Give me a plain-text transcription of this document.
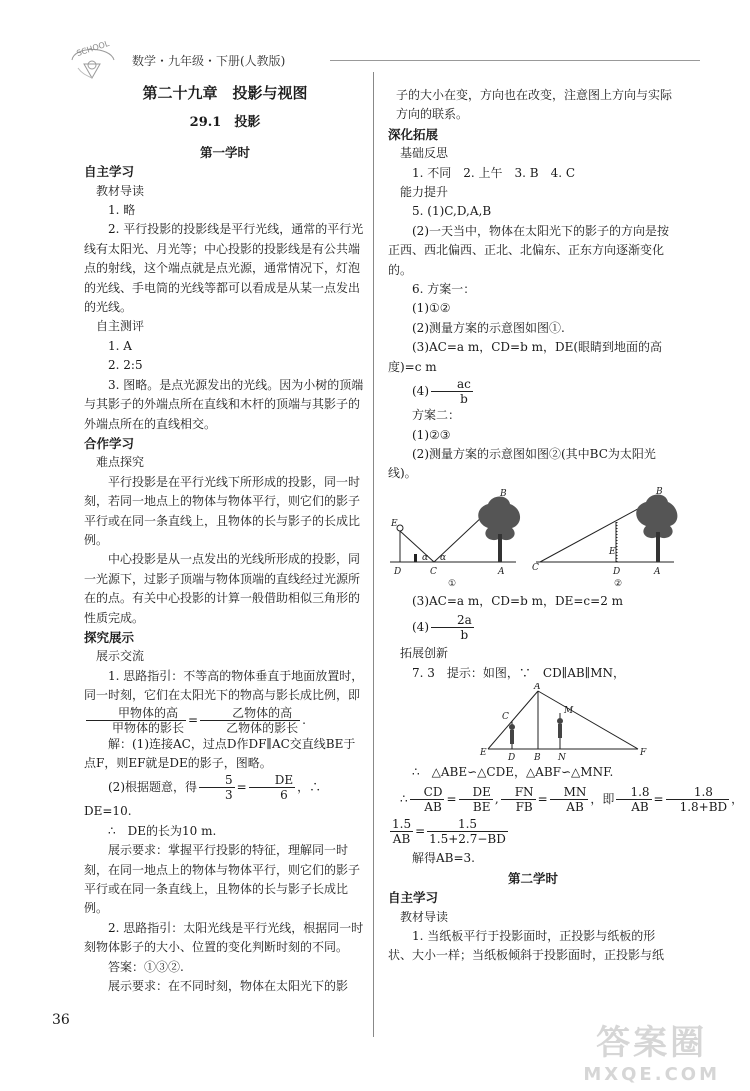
SCHOOL
数学・九年级・下册(人教版)

第二十九章　投影与视图

29.1　投影

第一学时

自主学习

教材导读

1. 略

2. 平行投影的投影线是平行光线，通常的平行光线有太阳光、月光等；中心投影的投影线是有公共端点的射线，这个端点就是点光源，通常情况下，灯泡的光线、手电筒的光线等都可以看成是从某一点发出的光线。

自主测评

1. A

2. 2:5

3. 图略。是点光源发出的光线。因为小树的顶端与其影子的外端点所在直线和木杆的顶端与其影子的外端点所在的直线相交。

合作学习

难点探究

平行投影是在平行光线下所形成的投影，同一时刻，若同一地点上的物体与物体平行，则它们的影子平行或在同一条直线上，且物体的长与影子的长成比例。

中心投影是从一点发出的光线所形成的投影，同一光源下，过影子顶端与物体顶端的直线经过光源所在的点。有关中心投影的计算一般借助相似三角形的性质完成。

探究展示

展示交流

1. 思路指引：不等高的物体垂直于地面放置时，同一时刻，它们在太阳光下的物高与影长成比例，即
$\frac{\text{甲物体的高}}{\text{甲物体的影长}} = \frac{\text{乙物体的高}}{\text{乙物体的影长}}$ .

解：(1)连接AC，过点D作DF∥AC交直线BE于点F，则EF就是DE的影子，图略。

(2)根据题意，得 $\frac{5}{3} = \frac{DE}{6}$ ，∴　DE=10.

∴　DE的长为10 m.

展示要求：掌握平行投影的特征，理解同一时刻，在同一地点上的物体与物体平行，则它们的影子平行或在同一条直线上，且物体的长与影子长成比例。

2. 思路指引：太阳光线是平行光线，根据同一时刻物体影子的大小、位置的变化判断时刻的不同。

答案：①③②.

展示要求：在不同时刻，物体在太阳光下的影

子的大小在变，方向也在改变，注意图上方向与实际方向的联系。

深化拓展

基础反思

1. 不同　2. 上午　3. B　4. C

能力提升

5. (1)C,D,A,B

(2)一天当中，物体在太阳光下的影子的方向是按正西、西北偏西、正北、北偏东、正东方向逐渐变化的。

6. 方案一：

(1)①②

(2)测量方案的示意图如图①.

(3)AC=a m，CD=b m，DE(眼睛到地面的高度)=c m

$(4) \frac{ac}{b}$

方案二：

(1)②③

(2)测量方案的示意图如图②(其中BC为太阳光线)。

E
D	C
α α
A
B
①
B
C	D	A
E
②

(3)AC=a m，CD=b m，DE=c=2 m

$(4) \frac{2a}{b}$

拓展创新

7. 3　提示：如图，∵　CD∥AB∥MN，

A
C
M
E D B N	F

∴　△ABE∽△CDE，△ABF∽△MNF.

∴ $\frac{CD}{AB} = \frac{DE}{BE}$ , $\frac{FN}{FB} = \frac{MN}{AB}$ ，即 $\frac{1.8}{AB} = \frac{1.8}{1.8+BD}$ ，

$\frac{1.5}{AB} = \frac{1.5}{1.5+2.7-BD}$

解得AB=3.

第二学时

自主学习

教材导读

1. 当纸板平行于投影面时，正投影与纸板的形状、大小一样；当纸板倾斜于投影面时，正投影与纸

36
答案圈
MXQE.COM
